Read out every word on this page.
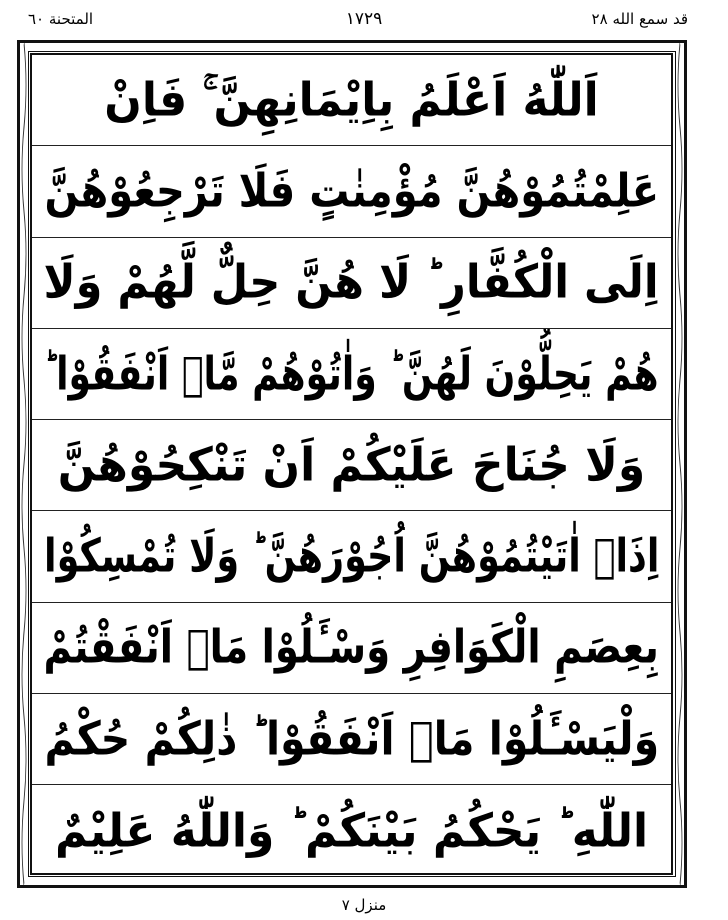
قد سمع الله ٢٨
١٧٢٩
المتحنة ٦٠
اَللّٰهُ اَعْلَمُ بِاِيْمَانِهِنَّ ۚ فَاِنْ
عَلِمْتُمُوْهُنَّ مُؤْمِنٰتٍ فَلَا تَرْجِعُوْهُنَّ
اِلَى الْكُفَّارِ ؕ لَا هُنَّ حِلٌّ لَّهُمْ وَلَا
هُمْ يَحِلُّوْنَ لَهُنَّ ؕ وَاٰتُوْهُمْ مَّاۤ اَنْفَقُوْا ؕ
وَلَا جُنَاحَ عَلَيْكُمْ اَنْ تَنْكِحُوْهُنَّ
اِذَاۤ اٰتَيْتُمُوْهُنَّ اُجُوْرَهُنَّ ؕ وَلَا تُمْسِكُوْا
بِعِصَمِ الْكَوَافِرِ وَسْـَٔلُوْا مَاۤ اَنْفَقْتُمْ
وَلْيَسْـَٔلُوْا مَاۤ اَنْفَقُوْا ؕ ذٰلِكُمْ حُكْمُ
اللّٰهِ ؕ يَحْكُمُ بَيْنَكُمْ ؕ وَاللّٰهُ عَلِيْمٌ
منزل ٧
